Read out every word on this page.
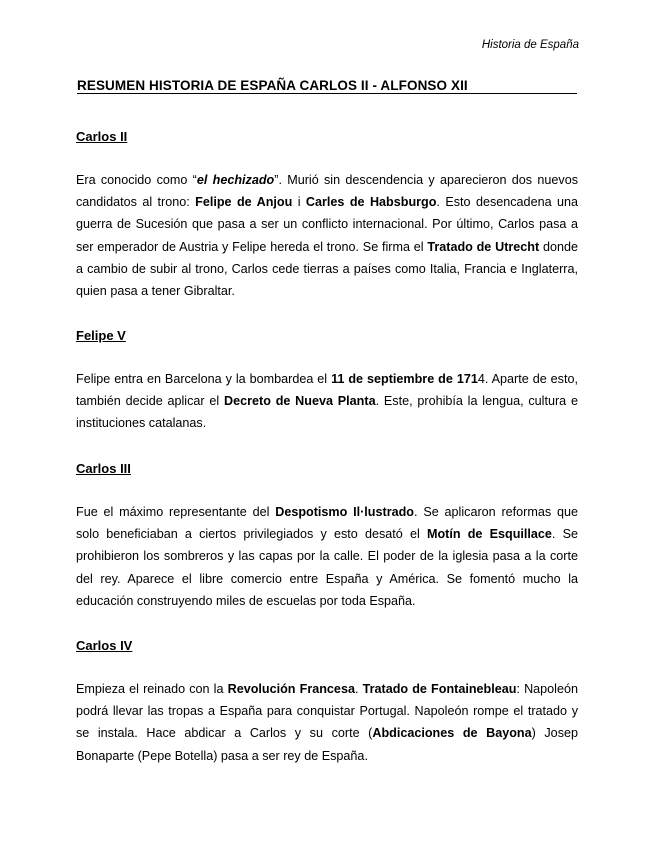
Historia de España
RESUMEN HISTORIA DE ESPAÑA CARLOS II - ALFONSO XII
Carlos II

Era conocido como “el hechizado”. Murió sin descendencia y aparecieron dos nuevos candidatos al trono: Felipe de Anjou i Carles de Habsburgo. Esto desencadena una guerra de Sucesión que pasa a ser un conflicto internacional. Por último, Carlos pasa a ser emperador de Austria y Felipe hereda el trono. Se firma el Tratado de Utrecht donde a cambio de subir al trono, Carlos cede tierras a países como Italia, Francia e Inglaterra, quien pasa a tener Gibraltar.

Felipe V

Felipe entra en Barcelona y la bombardea el 11 de septiembre de 1714. Aparte de esto, también decide aplicar el Decreto de Nueva Planta. Este, prohibía la lengua, cultura e instituciones catalanas.

Carlos III

Fue el máximo representante del Despotismo Il·lustrado. Se aplicaron reformas que solo beneficiaban a ciertos privilegiados y esto desató el Motín de Esquillace. Se prohibieron los sombreros y las capas por la calle. El poder de la iglesia pasa a la corte del rey. Aparece el libre comercio entre España y América. Se fomentó mucho la educación construyendo miles de escuelas por toda España.

Carlos IV

Empieza el reinado con la Revolución Francesa. Tratado de Fontainebleau: Napoleón podrá llevar las tropas a España para conquistar Portugal. Napoleón rompe el tratado y se instala. Hace abdicar a Carlos y su corte (Abdicaciones de Bayona) Josep Bonaparte (Pepe Botella) pasa a ser rey de España.
